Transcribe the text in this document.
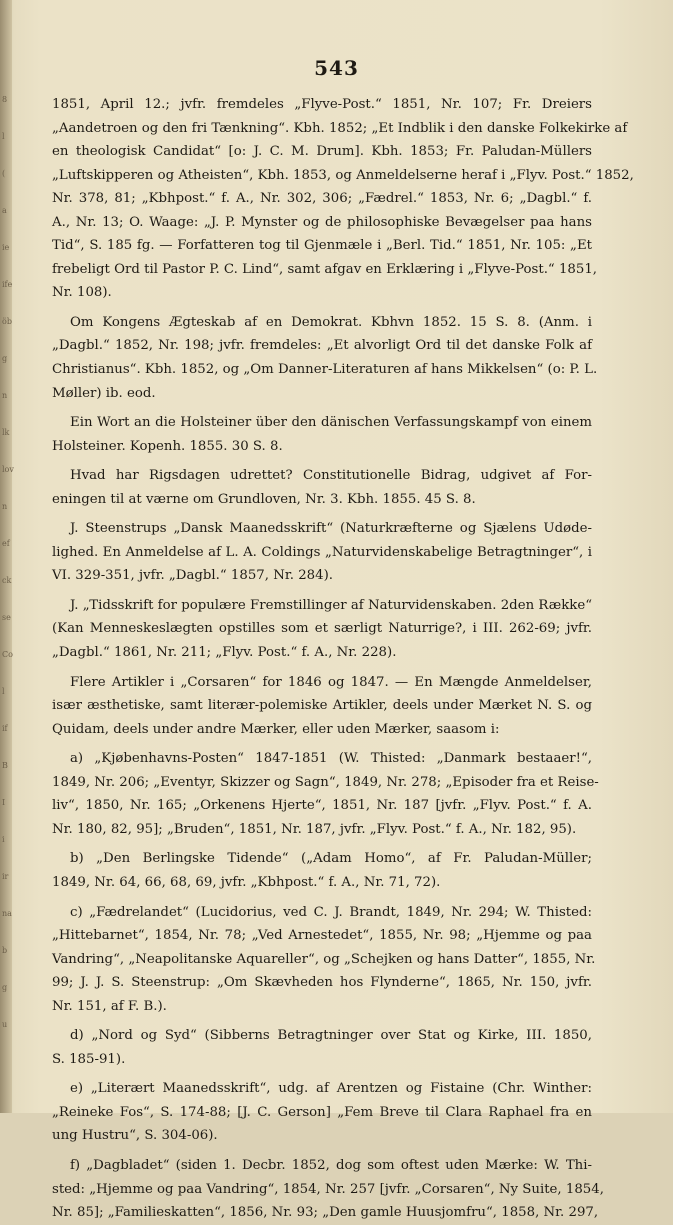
8
l
(
a
ie
ife
öb
g
n
lk
lov
n
ef
ck
se
Co
l
if
B
I
i
ir
na
b
g
u
543
1851, April 12.; jvfr. fremdeles „Flyve-Post.“ 1851, Nr. 107; Fr. Dreiers
„Aandetroen og den fri Tænkning“. Kbh. 1852; „Et Indblik i den danske Folkekirke af
en theologisk Candidat“ [o: J. C. M. Drum]. Kbh. 1853; Fr. Paludan-Müllers
„Luftskipperen og Atheisten“, Kbh. 1853, og Anmeldelserne heraf i „Flyv. Post.“ 1852,
Nr. 378, 81; „Kbhpost.“ f. A., Nr. 302, 306; „Fædrel.“ 1853, Nr. 6; „Dagbl.“ f.
A., Nr. 13; O. Waage: „J. P. Mynster og de philosophiske Bevægelser paa hans
Tid“, S. 185 fg. — Forfatteren tog til Gjenmæle i „Berl. Tid.“ 1851, Nr. 105: „Et
frebeligt Ord til Pastor P. C. Lind“, samt afgav en Erklæring i „Flyve-Post.“ 1851,
Nr. 108).
Om Kongens Ægteskab af en Demokrat. Kbhvn 1852. 15 S. 8. (Anm. i
„Dagbl.“ 1852, Nr. 198; jvfr. fremdeles: „Et alvorligt Ord til det danske Folk af
Christianus“. Kbh. 1852, og „Om Danner-Literaturen af hans Mikkelsen“ (o: P. L.
Møller) ib. eod.
Ein Wort an die Holsteiner über den dänischen Verfassungskampf von einem
Holsteiner. Kopenh. 1855. 30 S. 8.
Hvad har Rigsdagen udrettet? Constitutionelle Bidrag, udgivet af For-
eningen til at værne om Grundloven, Nr. 3. Kbh. 1855. 45 S. 8.
J. Steenstrups „Dansk Maanedsskrift“ (Naturkræfterne og Sjælens Udøde-
lighed. En Anmeldelse af L. A. Coldings „Naturvidenskabelige Betragtninger“, i
VI. 329-351, jvfr. „Dagbl.“ 1857, Nr. 284).
J. „Tidsskrift for populære Fremstillinger af Naturvidenskaben. 2den Række“
(Kan Menneskeslægten opstilles som et særligt Naturrige?, i III. 262-69; jvfr.
„Dagbl.“ 1861, Nr. 211; „Flyv. Post.“ f. A., Nr. 228).
Flere Artikler i „Corsaren“ for 1846 og 1847. — En Mængde Anmeldelser,
især æsthetiske, samt literær-polemiske Artikler, deels under Mærket N. S. og
Quidam, deels under andre Mærker, eller uden Mærker, saasom i:
a) „Kjøbenhavns-Posten“ 1847-1851 (W. Thisted: „Danmark bestaaer!“,
1849, Nr. 206; „Eventyr, Skizzer og Sagn“, 1849, Nr. 278; „Episoder fra et Reise-
liv“, 1850, Nr. 165; „Orkenens Hjerte“, 1851, Nr. 187 [jvfr. „Flyv. Post.“ f. A.
Nr. 180, 82, 95]; „Bruden“, 1851, Nr. 187, jvfr. „Flyv. Post.“ f. A., Nr. 182, 95).
b) „Den Berlingske Tidende“ („Adam Homo“, af Fr. Paludan-Müller;
1849, Nr. 64, 66, 68, 69, jvfr. „Kbhpost.“ f. A., Nr. 71, 72).
c) „Fædrelandet“ (Lucidorius, ved C. J. Brandt, 1849, Nr. 294; W. Thisted:
„Hittebarnet“, 1854, Nr. 78; „Ved Arnestedet“, 1855, Nr. 98; „Hjemme og paa
Vandring“, „Neapolitanske Aquareller“, og „Schejken og hans Datter“, 1855, Nr.
99; J. J. S. Steenstrup: „Om Skævheden hos Flynderne“, 1865, Nr. 150, jvfr.
Nr. 151, af F. B.).
d) „Nord og Syd“ (Sibberns Betragtninger over Stat og Kirke, III. 1850,
S. 185-91).
e) „Literært Maanedsskrift“, udg. af Arentzen og Fistaine (Chr. Winther:
„Reineke Fos“, S. 174-88; [J. C. Gerson] „Fem Breve til Clara Raphael fra en
ung Hustru“, S. 304-06).
f) „Dagbladet“ (siden 1. Decbr. 1852, dog som oftest uden Mærke: W. Thi-
sted: „Hjemme og paa Vandring“, 1854, Nr. 257 [jvfr. „Corsaren“, Ny Suite, 1854,
Nr. 85]; „Familieskatten“, 1856, Nr. 93; „Den gamle Huusjomfru“, 1858, Nr. 297,
